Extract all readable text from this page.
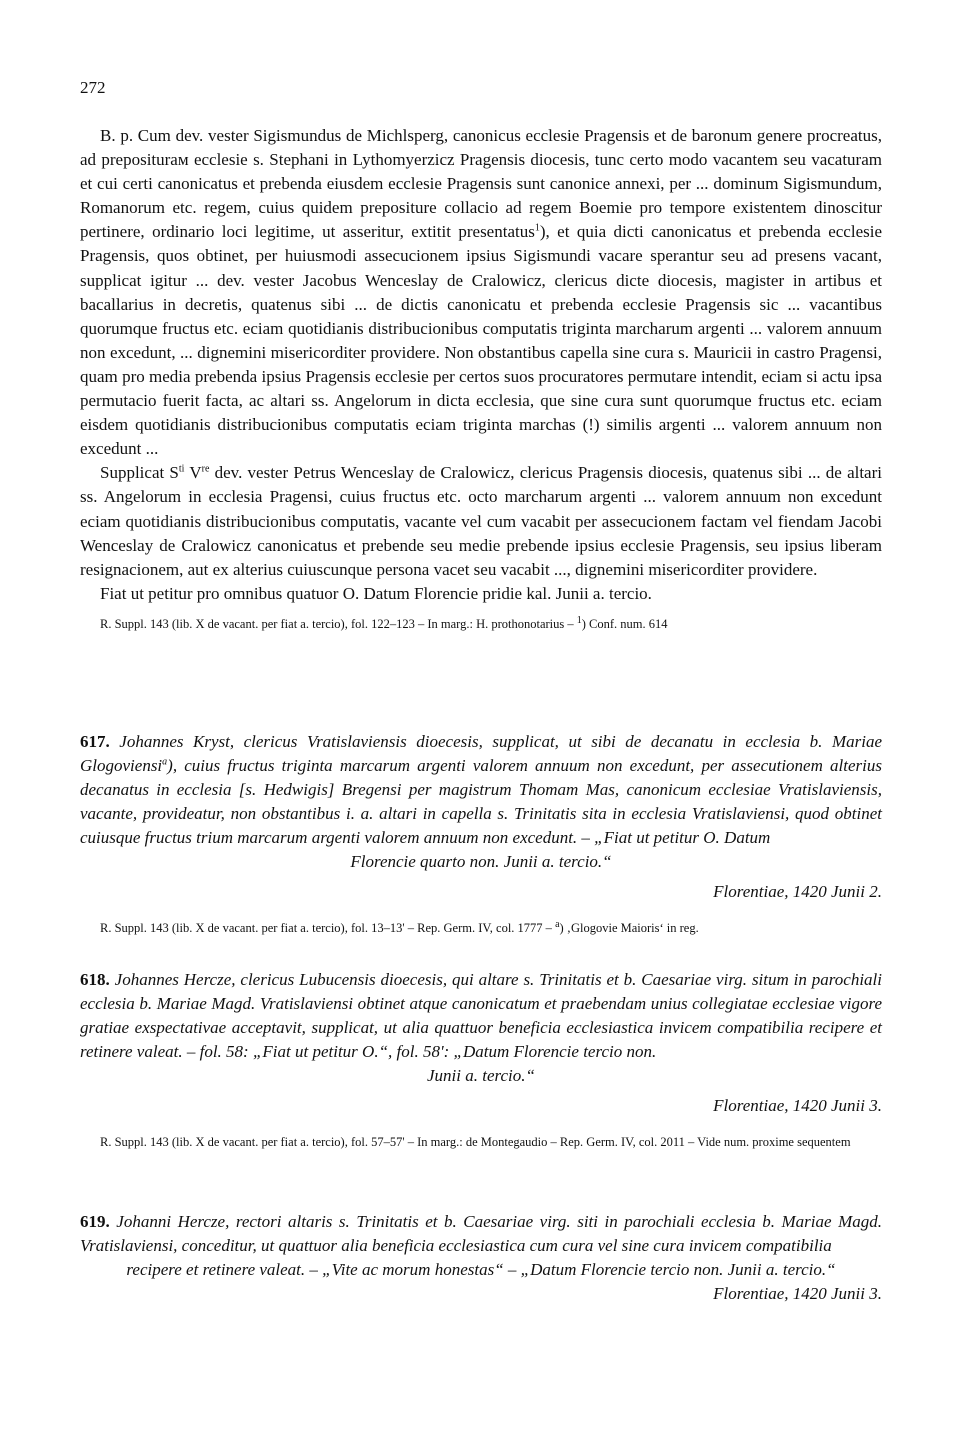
272

B. p. Cum dev. vester Sigismundus de Michlsperg, canonicus ecclesie Pragensis et de baronum genere procreatus, ad prepositurам ecclesie s. Stephani in Lythomyerzicz Pragensis diocesis, tunc certo modo vacantem seu vacaturam et cui certi canonicatus et prebenda eiusdem ecclesie Pragensis sunt canonice annexi, per ... dominum Sigismundum, Romanorum etc. regem, cuius quidem prepositure collacio ad regem Boemie pro tempore existentem dinoscitur pertinere, ordinario loci legitime, ut asseritur, extitit presentatus$^1$), et quia dicti canonicatus et prebenda ecclesie Pragensis, quos obtinet, per huiusmodi assecucionem ipsius Sigismundi vacare sperantur seu ad presens vacant, supplicat igitur ... dev. vester Jacobus Wenceslay de Cralowicz, clericus dicte diocesis, magister in artibus et bacallarius in decretis, quatenus sibi ... de dictis canonicatu et prebenda ecclesie Pragensis sic ... vacantibus quorumque fructus etc. eciam quotidianis distribucionibus computatis triginta marcharum argenti ... valorem annuum non excedunt, ... dignemini misericorditer providere. Non obstantibus capella sine cura s. Mauricii in castro Pragensi, quam pro media prebenda ipsius Pragensis ecclesie per certos suos procuratores permutare intendit, eciam si actu ipsa permutacio fuerit facta, ac altari ss. Angelorum in dicta ecclesia, que sine cura sunt quorumque fructus etc. eciam eisdem quotidianis distribucionibus computatis eciam triginta marchas (!) similis argenti ... valorem annuum non excedunt ...

Supplicat $S^{ti}$ Vre dev. vester Petrus Wenceslay de Cralowicz, clericus Pragensis diocesis, quatenus sibi ... de altari ss. Angelorum in ecclesia Pragensi, cuius fructus etc. octo marcharum argenti ... valorem annuum non excedunt eciam quotidianis distribucionibus computatis, vacante vel cum vacabit per assecucionem factam vel fiendam Jacobi Wenceslay de Cralowicz canonicatus et prebende seu medie prebende ipsius ecclesie Pragensis, seu ipsius liberam resignacionem, aut ex alterius cuiuscunque persona vacet seu vacabit ..., dignemini misericorditer providere.

Fiat ut petitur pro omnibus quatuor O. Datum Florencie pridie kal. Junii a. tercio.

R. Suppl. 143 (lib. X de vacant. per fiat a. tercio), fol. 122–123 – In marg.: H. prothonotarius – $^1$) Conf. num. 614

617. Johannes Kryst, clericus Vratislaviensis dioecesis, supplicat, ut sibi de decanatu in ecclesia b. Mariae Glogoviensi$^a$), cuius fructus triginta marcarum argenti valorem annuum non excedunt, per assecutionem alterius decanatus in ecclesia [s. Hedwigis] Bregensi per magistrum Thomam Mas, canonicum ecclesiae Vratislaviensis, vacante, provideatur, non obstantibus i. a. altari in capella s. Trinitatis sita in ecclesia Vratislaviensi, quod obtinet cuiusque fructus trium marcarum argenti valorem annuum non excedunt. – „Fiat ut petitur O. Datum

Florencie quarto non. Junii a. tercio.“

Florentiae, 1420 Junii 2.

R. Suppl. 143 (lib. X de vacant. per fiat a. tercio), fol. 13–13' – Rep. Germ. IV, col. 1777 – $^a$) ‚Glogovie Maioris‘ in reg.

618. Johannes Hercze, clericus Lubucensis dioecesis, qui altare s. Trinitatis et b. Caesariae virg. situm in parochiali ecclesia b. Mariae Magd. Vratislaviensi obtinet atque canonicatum et praebendam unius collegiatae ecclesiae vigore gratiae exspectativae acceptavit, supplicat, ut alia quattuor beneficia ecclesiastica invicem compatibilia recipere et retinere valeat. – fol. 58: „Fiat ut petitur O.“, fol. 58': „Datum Florencie tercio non.

Junii a. tercio.“

Florentiae, 1420 Junii 3.

R. Suppl. 143 (lib. X de vacant. per fiat a. tercio), fol. 57–57' – In marg.: de Montegaudio – Rep. Germ. IV, col. 2011 – Vide num. proxime sequentem

619. Johanni Hercze, rectori altaris s. Trinitatis et b. Caesariae virg. siti in parochiali ecclesia b. Mariae Magd. Vratislaviensi, conceditur, ut quattuor alia beneficia ecclesiastica cum cura vel sine cura invicem compatibilia

recipere et retinere valeat. – „Vite ac morum honestas“ – „Datum Florencie tercio non. Junii a. tercio.“

Florentiae, 1420 Junii 3.
